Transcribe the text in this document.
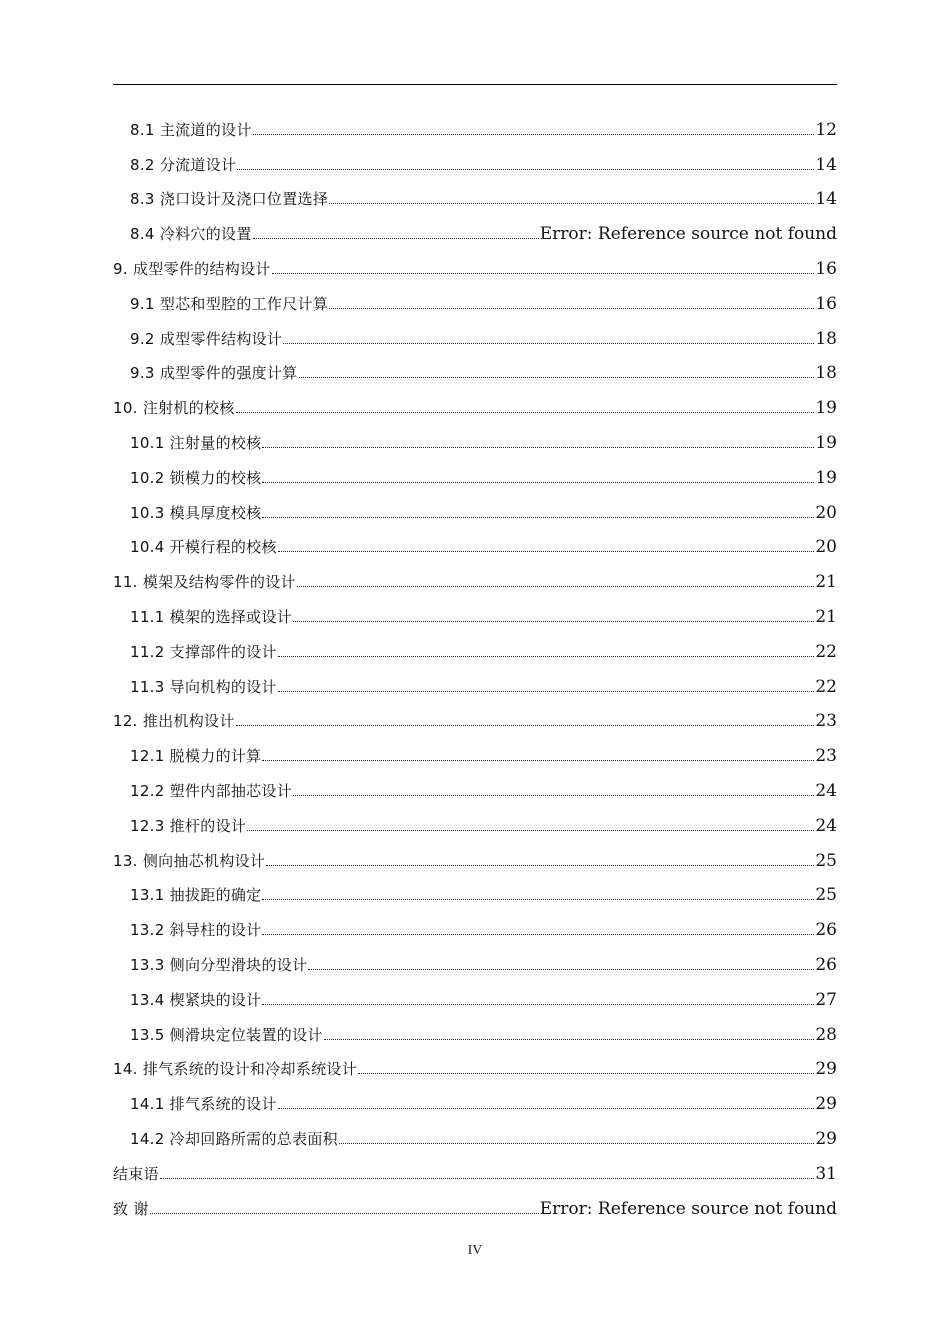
8.1 主流道的设计	12
8.2 分流道设计	14
8.3 浇口设计及浇口位置选择	14
8.4 冷料穴的设置	Error: Reference source not found
9. 成型零件的结构设计	16
9.1 型芯和型腔的工作尺计算	16
9.2 成型零件结构设计	18
9.3 成型零件的强度计算	18
10. 注射机的校核	19
10.1 注射量的校核	19
10.2 锁模力的校核	19
10.3 模具厚度校核	20
10.4 开模行程的校核	20
11. 模架及结构零件的设计	21
11.1 模架的选择或设计	21
11.2 支撑部件的设计	22
11.3 导向机构的设计	22
12. 推出机构设计	23
12.1 脱模力的计算	23
12.2 塑件内部抽芯设计	24
12.3 推杆的设计	24
13. 侧向抽芯机构设计	25
13.1 抽拔距的确定	25
13.2 斜导柱的设计	26
13.3 侧向分型滑块的设计	26
13.4 楔紧块的设计	27
13.5 侧滑块定位装置的设计	28
14. 排气系统的设计和冷却系统设计	29
14.1 排气系统的设计	29
14.2 冷却回路所需的总表面积	29
结束语	31
致 谢	Error: Reference source not found
IV
